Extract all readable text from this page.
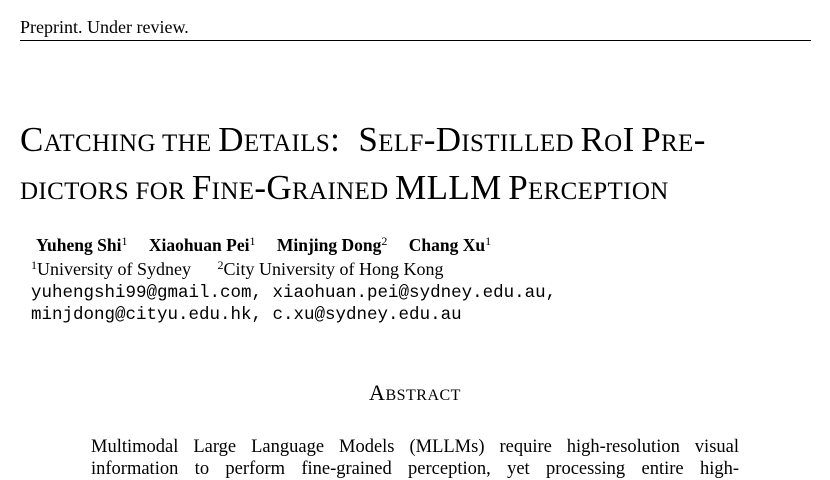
Preprint. Under review.
CATCHING THE DETAILS:  SELF-DISTILLED ROI PRE-
DICTORS FOR FINE-GRAINED MLLM PERCEPTION
Yuheng Shi$^1$ Xiaohuan Pei$^1$ Minjing Dong$^2$ Chang Xu$^1$
$^1$University of Sydney $^2$City University of Hong Kong
yuhengshi99@gmail.com, xiaohuan.pei@sydney.edu.au,
minjdong@cityu.edu.hk, c.xu@sydney.edu.au
ABSTRACT
Multimodal Large Language Models (MLLMs) require high-resolution visual
information to perform fine-grained perception, yet processing entire high-
